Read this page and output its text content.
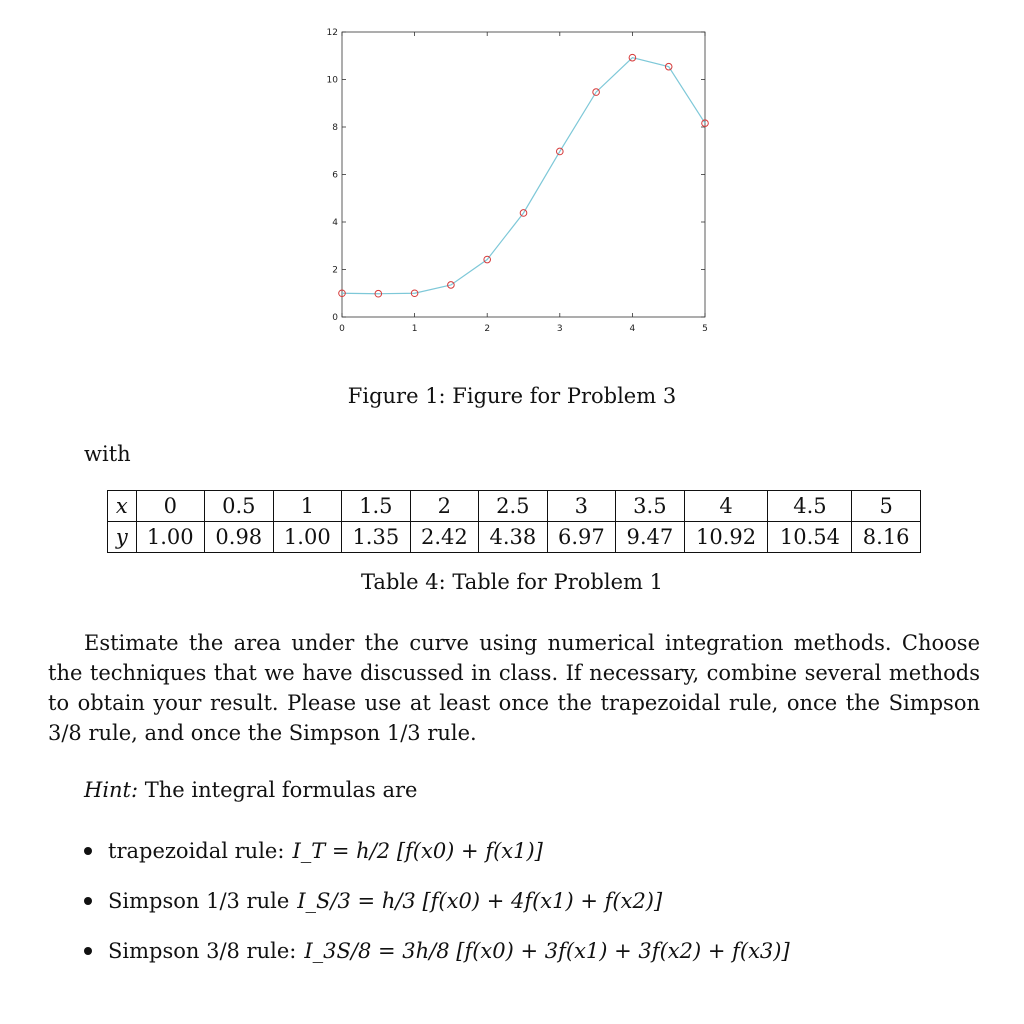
0	1	2	3	4	5
0
2
4
6
8
10
12
Figure 1: Figure for Problem 3
with
x	0	0.5	1	1.5	2	2.5	3	3.5	4	4.5	5
y	1.00	0.98	1.00	1.35	2.42	4.38	6.97	9.47	10.92	10.54	8.16
Table 4: Table for Problem 1
Estimate the area under the curve using numerical integration methods. Choose the techniques that we have discussed in class. If necessary, combine several methods to obtain your result. Please use at least once the trapezoidal rule, once the Simpson 3/8 rule, and once the Simpson 1/3 rule.
Hint: The integral formulas are
trapezoidal rule: I_T = h/2 [f(x0) + f(x1)]
Simpson 1/3 rule I_S/3 = h/3 [f(x0) + 4f(x1) + f(x2)]
Simpson 3/8 rule: I_3S/8 = 3h/8 [f(x0) + 3f(x1) + 3f(x2) + f(x3)]
